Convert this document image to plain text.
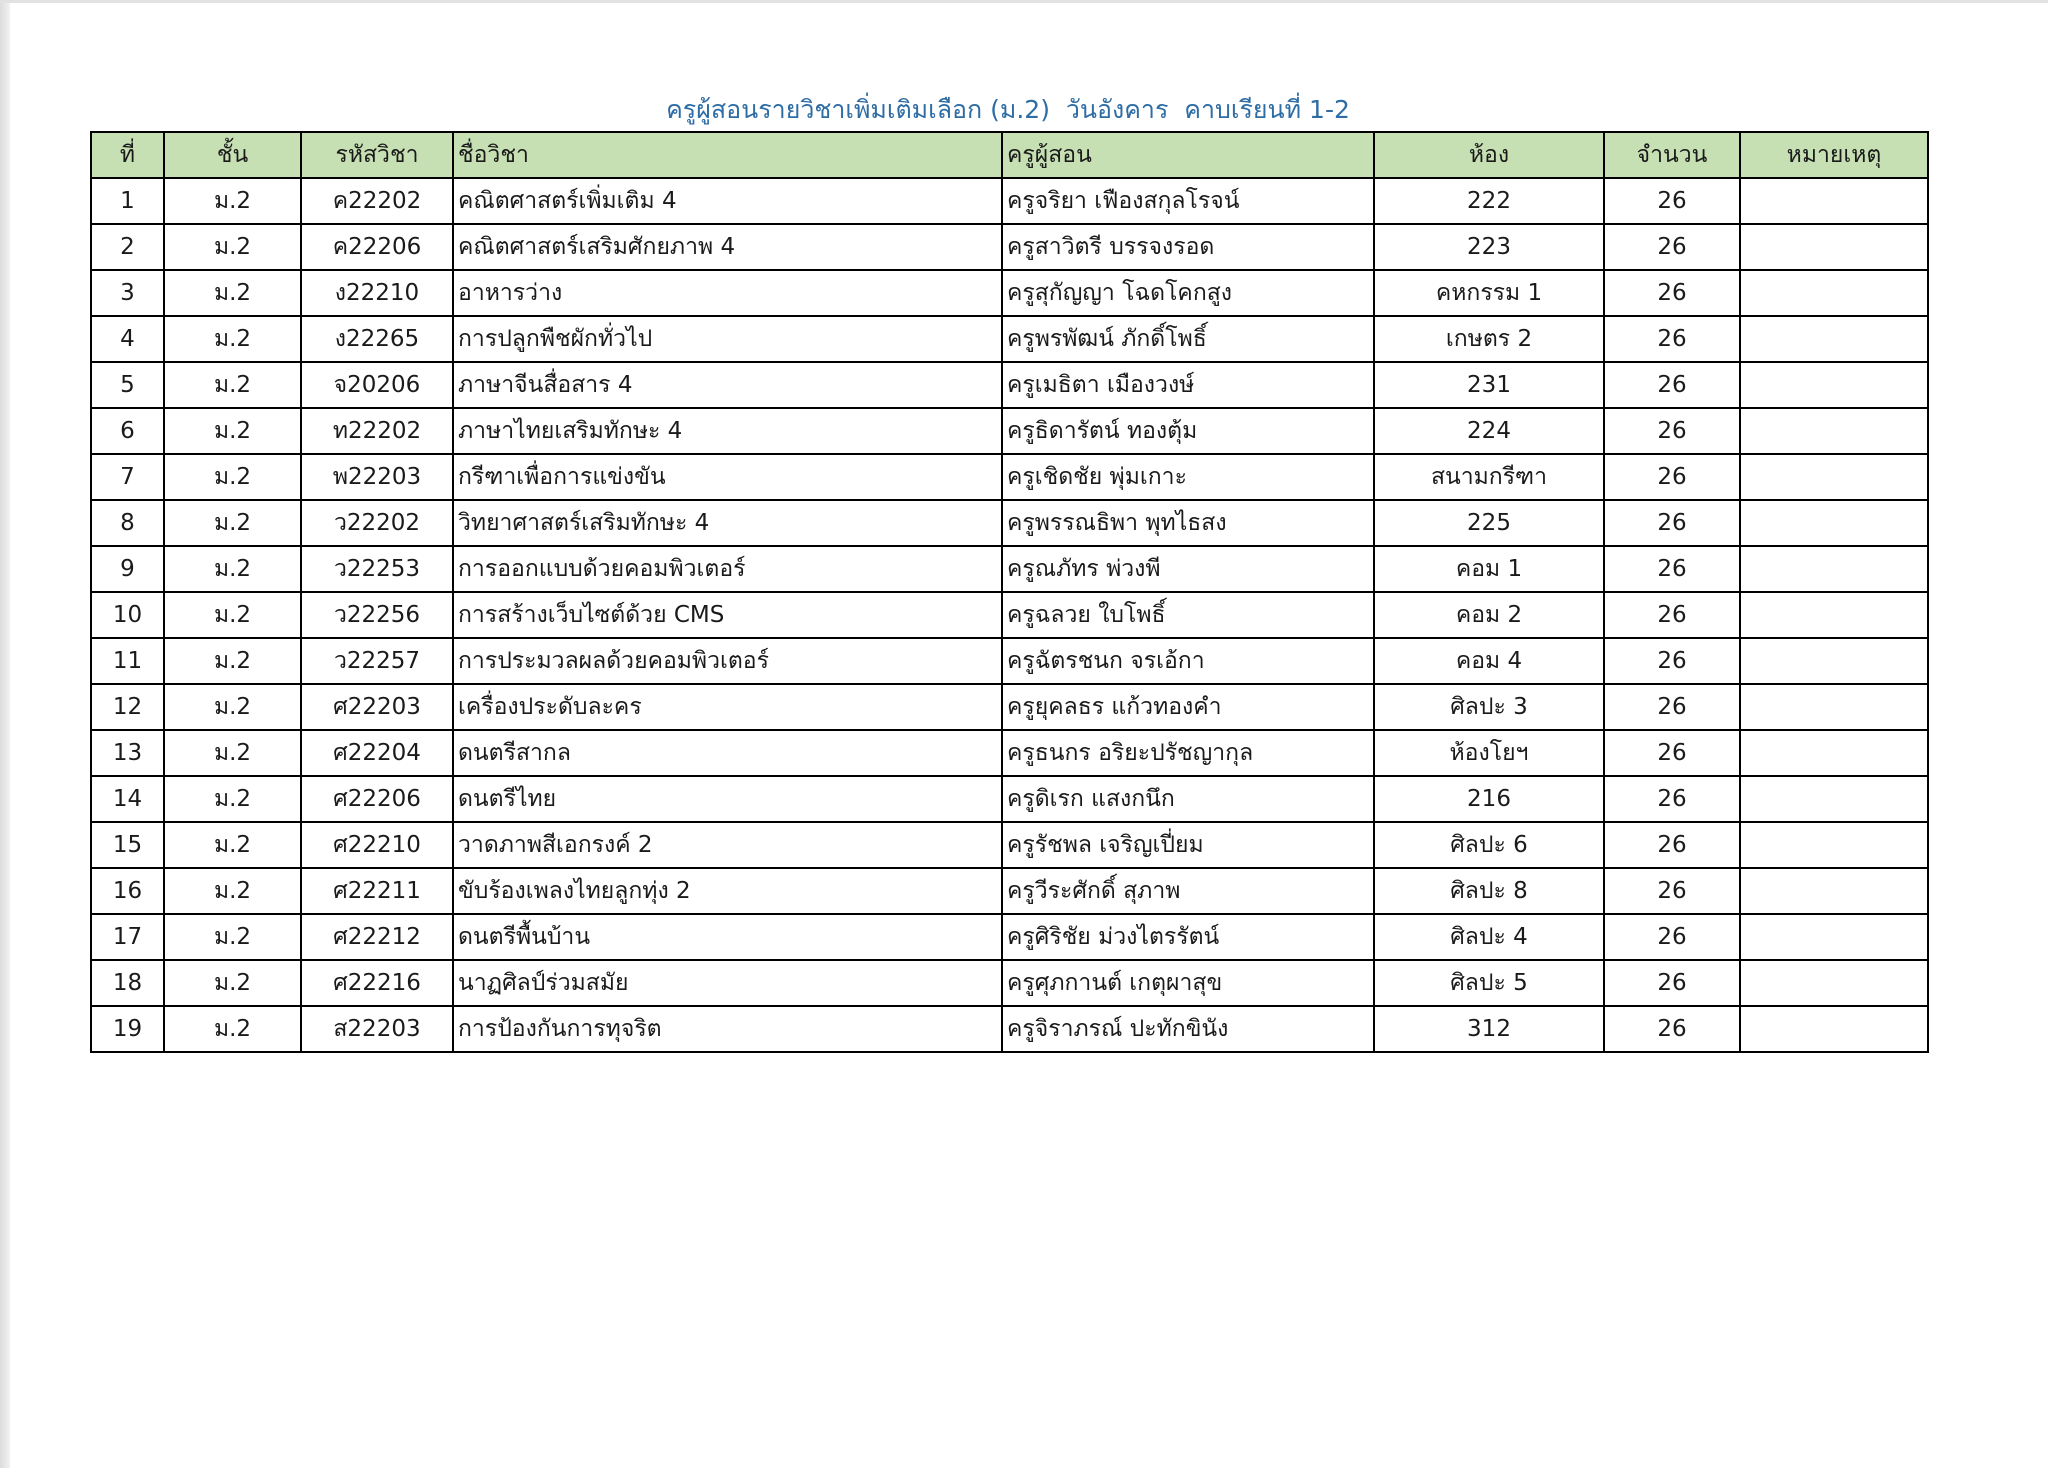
ครูผู้สอนรายวิชาเพิ่มเติมเลือก (ม.2)  วันอังคาร  คาบเรียนที่ 1-2
ที่	ชั้น	รหัสวิชา	ชื่อวิชา	ครูผู้สอน	ห้อง	จำนวน	หมายเหตุ
1	ม.2	ค22202	คณิตศาสตร์เพิ่มเติม 4	ครูจริยา เฟืองสกุลโรจน์	222	26	
2	ม.2	ค22206	คณิตศาสตร์เสริมศักยภาพ 4	ครูสาวิตรี บรรจงรอด	223	26	
3	ม.2	ง22210	อาหารว่าง	ครูสุกัญญา โฉดโคกสูง	คหกรรม 1	26	
4	ม.2	ง22265	การปลูกพืชผักทั่วไป	ครูพรพัฒน์ ภักดิ์โพธิ์	เกษตร 2	26	
5	ม.2	จ20206	ภาษาจีนสื่อสาร 4	ครูเมธิตา เมืองวงษ์	231	26	
6	ม.2	ท22202	ภาษาไทยเสริมทักษะ 4	ครูธิดารัตน์ ทองตุ้ม	224	26	
7	ม.2	พ22203	กรีฑาเพื่อการแข่งขัน	ครูเชิดชัย พุ่มเกาะ	สนามกรีฑา	26	
8	ม.2	ว22202	วิทยาศาสตร์เสริมทักษะ 4	ครูพรรณธิพา พุทไธสง	225	26	
9	ม.2	ว22253	การออกแบบด้วยคอมพิวเตอร์	ครูณภัทร พ่วงพี	คอม 1	26	
10	ม.2	ว22256	การสร้างเว็บไซต์ด้วย CMS	ครูฉลวย ใบโพธิ์	คอม 2	26	
11	ม.2	ว22257	การประมวลผลด้วยคอมพิวเตอร์	ครูฉัตรชนก จรเอ้กา	คอม 4	26	
12	ม.2	ศ22203	เครื่องประดับละคร	ครูยุคลธร แก้วทองคำ	ศิลปะ 3	26	
13	ม.2	ศ22204	ดนตรีสากล	ครูธนกร อริยะปรัชญากุล	ห้องโยฯ	26	
14	ม.2	ศ22206	ดนตรีไทย	ครูดิเรก แสงกนึก	216	26	
15	ม.2	ศ22210	วาดภาพสีเอกรงค์ 2	ครูรัชพล เจริญเปี่ยม	ศิลปะ 6	26	
16	ม.2	ศ22211	ขับร้องเพลงไทยลูกทุ่ง 2	ครูวีระศักดิ์ สุภาพ	ศิลปะ 8	26	
17	ม.2	ศ22212	ดนตรีพื้นบ้าน	ครูศิริชัย ม่วงไตรรัตน์	ศิลปะ 4	26	
18	ม.2	ศ22216	นาฏศิลป์ร่วมสมัย	ครูศุภกานต์ เกตุผาสุข	ศิลปะ 5	26	
19	ม.2	ส22203	การป้องกันการทุจริต	ครูจิราภรณ์ ปะทักขินัง	312	26	
